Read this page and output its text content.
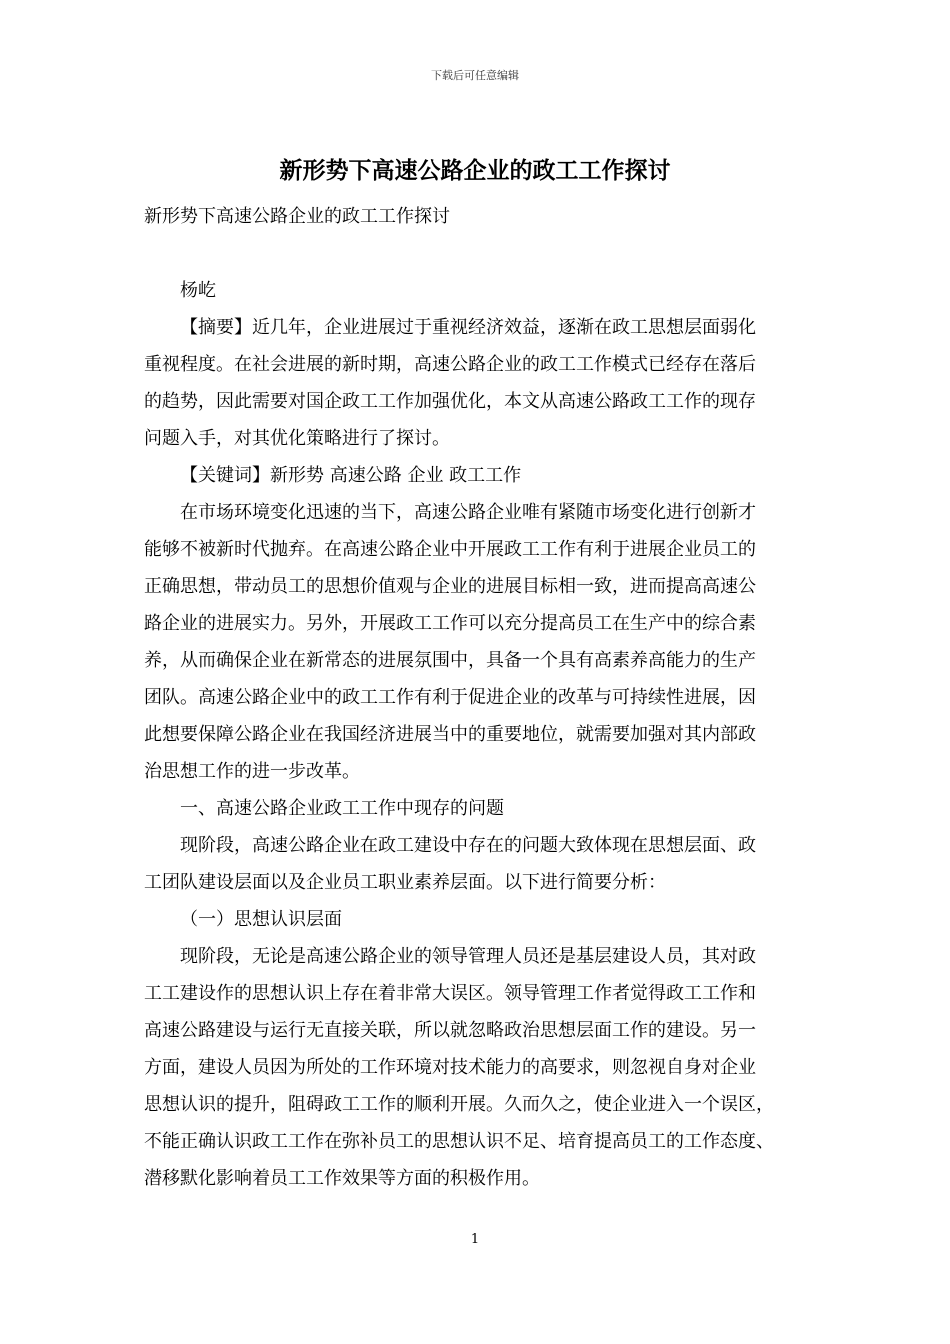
下载后可任意编辑
新形势下高速公路企业的政工工作探讨
新形势下高速公路企业的政工工作探讨
杨屹
【摘要】近几年，企业进展过于重视经济效益，逐渐在政工思想层面弱化
重视程度。在社会进展的新时期，高速公路企业的政工工作模式已经存在落后
的趋势，因此需要对国企政工工作加强优化，本文从高速公路政工工作的现存
问题入手，对其优化策略进行了探讨。
【关键词】新形势 高速公路 企业 政工工作
在市场环境变化迅速的当下，高速公路企业唯有紧随市场变化进行创新才
能够不被新时代抛弃。在高速公路企业中开展政工工作有利于进展企业员工的
正确思想，带动员工的思想价值观与企业的进展目标相一致，进而提高高速公
路企业的进展实力。另外，开展政工工作可以充分提高员工在生产中的综合素
养，从而确保企业在新常态的进展氛围中，具备一个具有高素养高能力的生产
团队。高速公路企业中的政工工作有利于促进企业的改革与可持续性进展，因
此想要保障公路企业在我国经济进展当中的重要地位，就需要加强对其内部政
治思想工作的进一步改革。
一、高速公路企业政工工作中现存的问题
现阶段，高速公路企业在政工建设中存在的问题大致体现在思想层面、政
工团队建设层面以及企业员工职业素养层面。以下进行简要分析：
（一）思想认识层面
现阶段，无论是高速公路企业的领导管理人员还是基层建设人员，其对政
工工建设作的思想认识上存在着非常大误区。领导管理工作者觉得政工工作和
高速公路建设与运行无直接关联，所以就忽略政治思想层面工作的建设。另一
方面，建设人员因为所处的工作环境对技术能力的高要求，则忽视自身对企业
思想认识的提升，阻碍政工工作的顺利开展。久而久之，使企业进入一个误区，
不能正确认识政工工作在弥补员工的思想认识不足、培育提高员工的工作态度、
潜移默化影响着员工工作效果等方面的积极作用。
1
